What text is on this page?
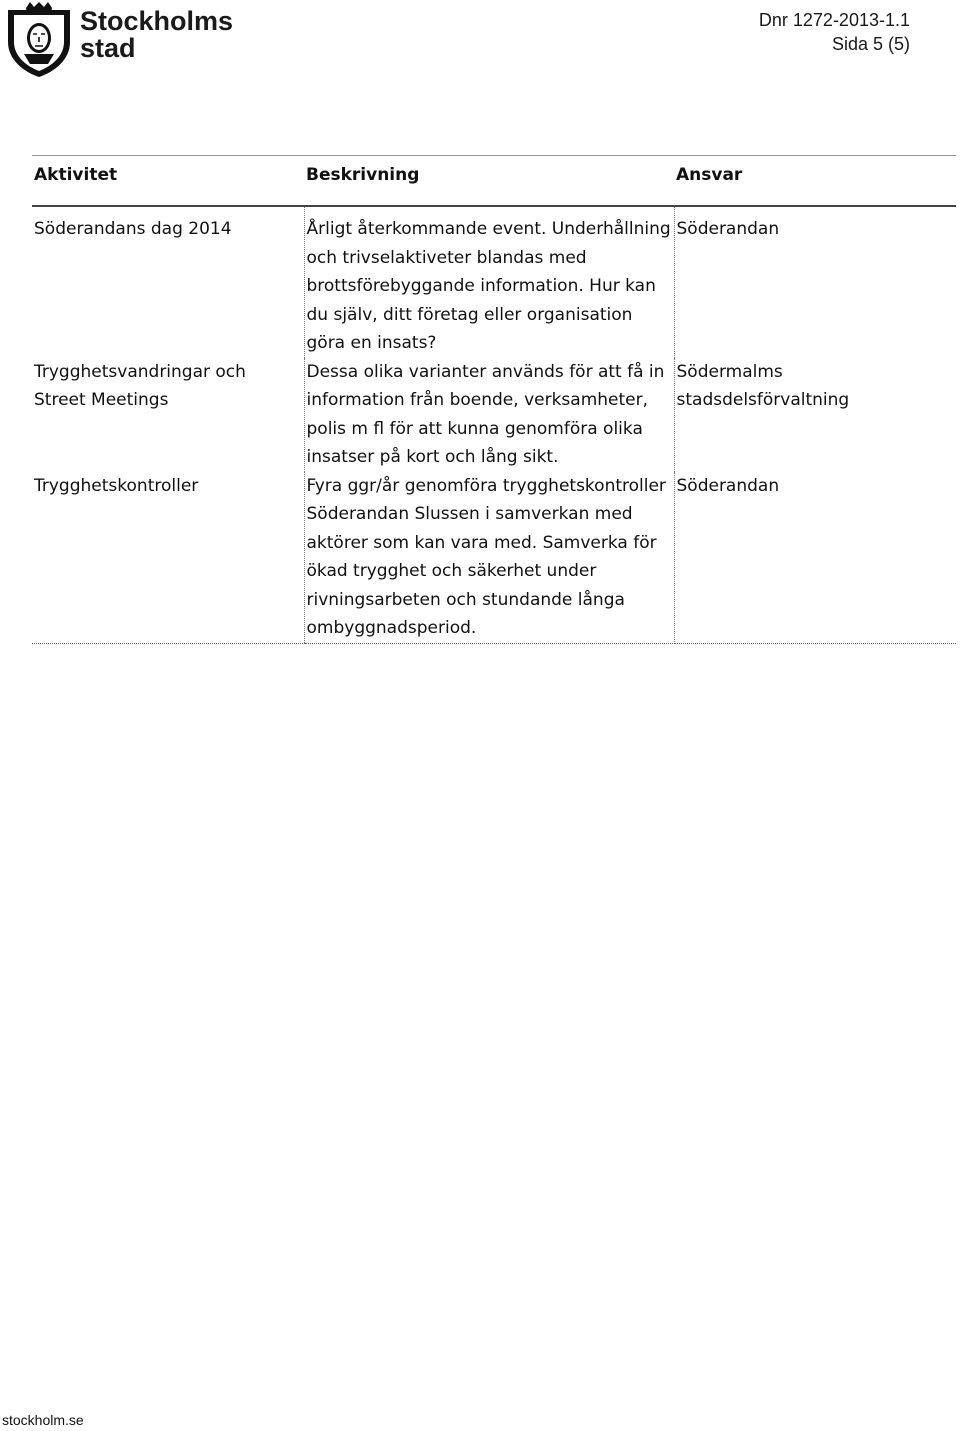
Stockholms
stad
Dnr 1272-2013-1.1
Sida 5 (5)
Aktivitet	Beskrivning	Ansvar
Söderandans dag 2014	Årligt återkommande event. Underhållning och trivselaktiveter blandas med brottsförebyggande information. Hur kan du själv, ditt företag eller organisation göra en insats?	Söderandan
Trygghetsvandringar och Street Meetings	Dessa olika varianter används för att få in information från boende, verksamheter, polis m fl för att kunna genomföra olika insatser på kort och lång sikt.	Södermalms stadsdelsförvaltning
Trygghetskontroller	Fyra ggr/år genomföra trygghetskontroller Söderandan Slussen i samverkan med aktörer som kan vara med. Samverka för ökad trygghet och säkerhet under rivningsarbeten och stundande långa ombyggnadsperiod.	Söderandan
stockholm.se
